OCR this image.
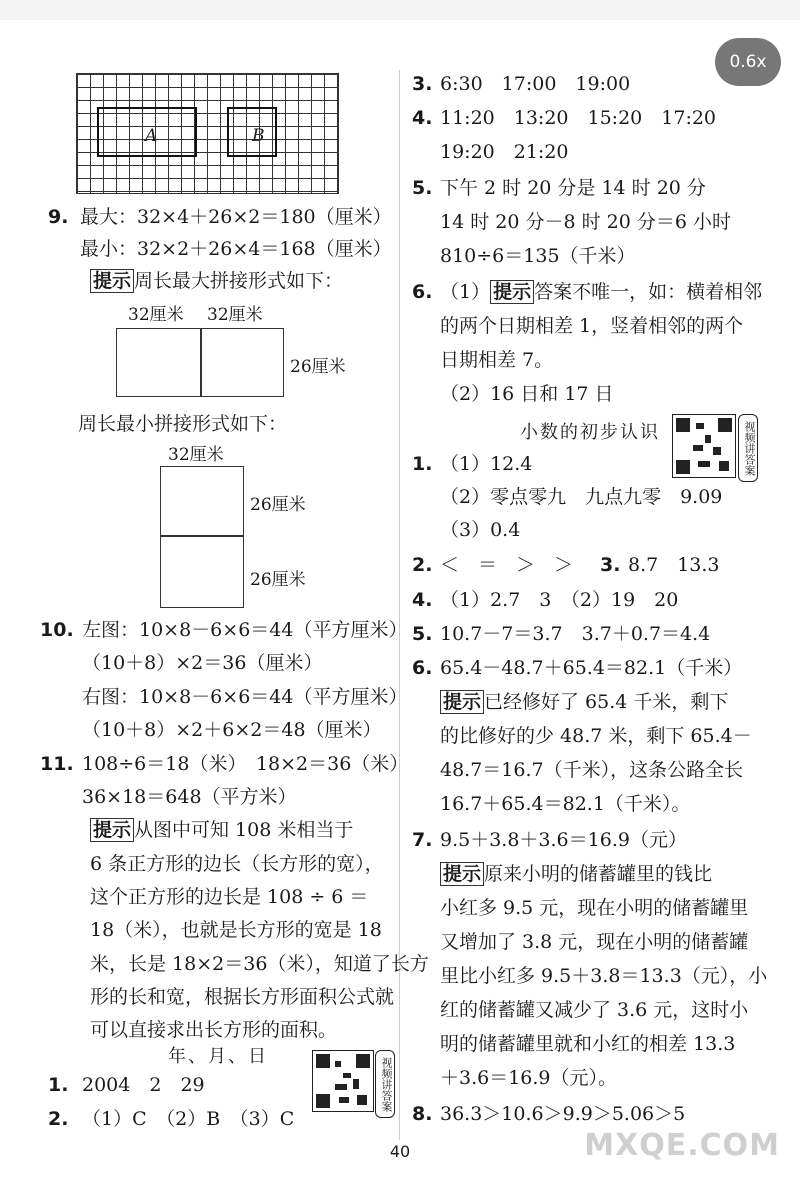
0.6x
A	B
9. 最大：32×4＋26×2＝180（厘米）
最小：32×2＋26×4＝168（厘米）
提示 周长最大拼接形式如下：
32厘米 32厘米
26厘米
周长最小拼接形式如下：
32厘米
26厘米
26厘米
10. 左图：10×8－6×6＝44（平方厘米）
（10＋8）×2＝36（厘米）
右图：10×8－6×6＝44（平方厘米）
（10＋8）×2＋6×2＝48（厘米）
11. 108÷6＝18（米）　18×2＝36（米）
36×18＝648（平方米）
提示 从图中可知 108 米相当于
6 条正方形的边长（长方形的宽），
这个正方形的边长是 108 ÷ 6 ＝
18（米），也就是长方形的宽是 18
米，长是 18×2＝36（米），知道了长方
形的长和宽，根据长方形面积公式就
可以直接求出长方形的面积。
年、月、日
1. 2004　2　29
2. （1）C　（2）B　（3）C
视频讲答案
3. 6:30　17:00　19:00
4. 11:20　13:20　15:20　17:20
19:20　21:20
5. 下午 2 时 20 分是 14 时 20 分
14 时 20 分－8 时 20 分＝6 小时
810÷6＝135（千米）
6. （1） 提示 答案不唯一，如：横着相邻
的两个日期相差 1，竖着相邻的两个
日期相差 7。
（2）16 日和 17 日
小数的初步认识	视频讲答案
1. （1）12.4
（2）零点零九　九点九零　9.09
（3）0.4
2. ＜　＝　＞　＞ 3. 8.7　13.3
4. （1）2.7　3　（2）19　20
5. 10.7－7＝3.7　3.7＋0.7＝4.4
6. 65.4－48.7＋65.4＝82.1（千米）
提示 已经修好了 65.4 千米，剩下
的比修好的少 48.7 米，剩下 65.4－
48.7＝16.7（千米），这条公路全长
16.7＋65.4＝82.1（千米）。
7. 9.5＋3.8＋3.6＝16.9（元）
提示 原来小明的储蓄罐里的钱比
小红多 9.5 元，现在小明的储蓄罐里
又增加了 3.8 元，现在小明的储蓄罐
里比小红多 9.5＋3.8＝13.3（元），小
红的储蓄罐又减少了 3.6 元，这时小
明的储蓄罐里就和小红的相差 13.3
＋3.6＝16.9（元）。
8. 36.3＞10.6＞9.9＞5.06＞5
40	MXQE.COM
